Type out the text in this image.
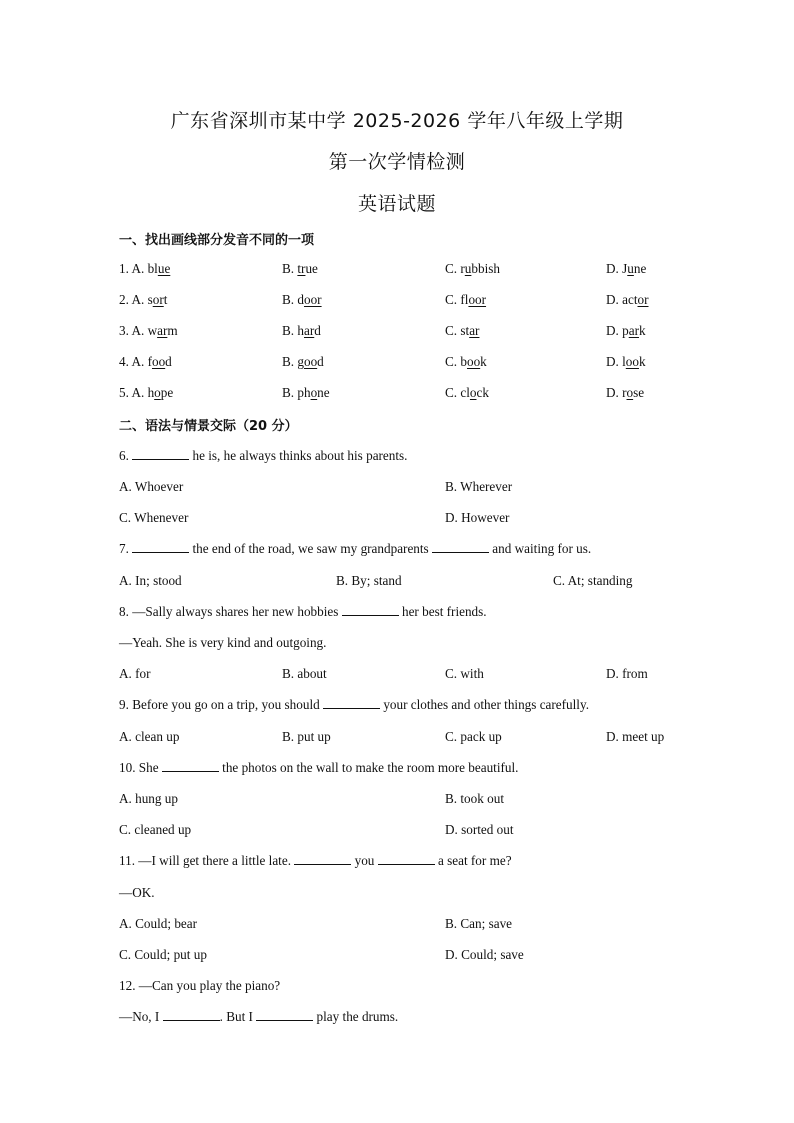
广东省深圳市某中学 2025-2026 学年八年级上学期
第一次学情检测
英语试题
一、找出画线部分发音不同的一项
1. A. blue	B. true	C. rubbish	D. June
2. A. sort	B. door	C. floor	D. actor
3. A. warm	B. hard	C. star	D. park
4. A. food	B. good	C. book	D. look
5. A. hope	B. phone	C. clock	D. rose
二、语法与情景交际（20 分）
6.	he is, he always thinks about his parents.
A. Whoever	B. Wherever
C. Whenever	D. However
7.	the end of the road, we saw my grandparents	and waiting for us.
A. In; stood	B. By; stand	C. At; standing
8. —Sally always shares her new hobbies	her best friends.
—Yeah. She is very kind and outgoing.
A. for	B. about	C. with	D. from
9. Before you go on a trip, you should	your clothes and other things carefully.
A. clean up	B. put up	C. pack up	D. meet up
10. She	the photos on the wall to make the room more beautiful.
A. hung up	B. took out
C. cleaned up	D. sorted out
11. —I will get there a little late.	you	a seat for me?
—OK.
A. Could; bear	B. Can; save
C. Could; put up	D. Could; save
12. —Can you play the piano?
—No, I	. But I	play the drums.
